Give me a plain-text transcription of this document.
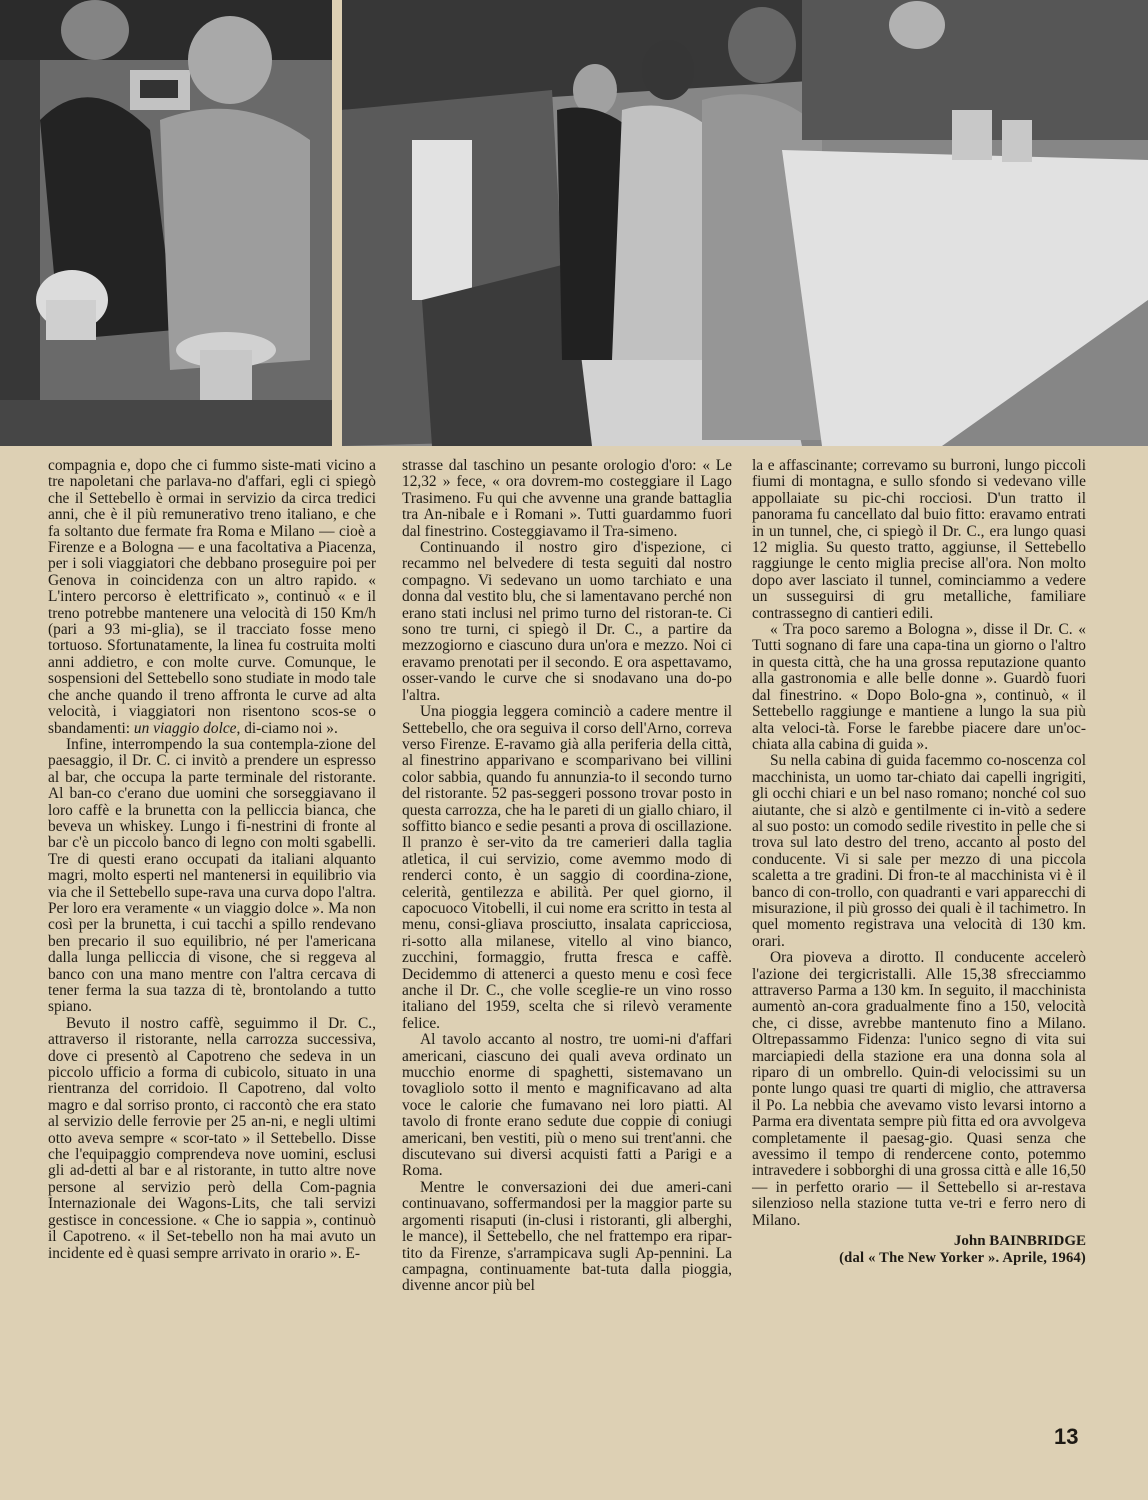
compagnia e, dopo che ci fummo siste-mati vicino a tre napoletani che parlava-no d'affari, egli ci spiegò che il Settebello è ormai in servizio da circa tredici anni, che è il più remunerativo treno italiano, e che fa soltanto due fermate fra Roma e Milano — cioè a Firenze e a Bologna — e una facoltativa a Piacenza, per i soli viaggiatori che debbano proseguire poi per Genova in coincidenza con un altro rapido. « L'intero percorso è elettrificato », continuò « e il treno potrebbe mantenere una velocità di 150 Km/h (pari a 93 mi-glia), se il tracciato fosse meno tortuoso. Sfortunatamente, la linea fu costruita molti anni addietro, e con molte curve. Comunque, le sospensioni del Settebello sono studiate in modo tale che anche quando il treno affronta le curve ad alta velocità, i viaggiatori non risentono scos-se o sbandamenti: un viaggio dolce, di-ciamo noi ».

Infine, interrompendo la sua contempla-zione del paesaggio, il Dr. C. ci invitò a prendere un espresso al bar, che occupa la parte terminale del ristorante. Al ban-co c'erano due uomini che sorseggiavano il loro caffè e la brunetta con la pelliccia bianca, che beveva un whiskey. Lungo i fi-nestrini di fronte al bar c'è un piccolo banco di legno con molti sgabelli. Tre di questi erano occupati da italiani alquanto magri, molto esperti nel mantenersi in equilibrio via via che il Settebello supe-rava una curva dopo l'altra. Per loro era veramente « un viaggio dolce ». Ma non così per la brunetta, i cui tacchi a spillo rendevano ben precario il suo equilibrio, né per l'americana dalla lunga pelliccia di visone, che si reggeva al banco con una mano mentre con l'altra cercava di tener ferma la sua tazza di tè, brontolando a tutto spiano.

Bevuto il nostro caffè, seguimmo il Dr. C., attraverso il ristorante, nella carrozza successiva, dove ci presentò al Capotreno che sedeva in un piccolo ufficio a forma di cubicolo, situato in una rientranza del corridoio. Il Capotreno, dal volto magro e dal sorriso pronto, ci raccontò che era stato al servizio delle ferrovie per 25 an-ni, e negli ultimi otto aveva sempre « scor-tato » il Settebello. Disse che l'equipaggio comprendeva nove uomini, esclusi gli ad-detti al bar e al ristorante, in tutto altre nove persone al servizio però della Com-pagnia Internazionale dei Wagons-Lits, che tali servizi gestisce in concessione. « Che io sappia », continuò il Capotreno. « il Set-tebello non ha mai avuto un incidente ed è quasi sempre arrivato in orario ». E-

strasse dal taschino un pesante orologio d'oro: « Le 12,32 » fece, « ora dovrem-mo costeggiare il Lago Trasimeno. Fu qui che avvenne una grande battaglia tra An-nibale e i Romani ». Tutti guardammo fuori dal finestrino. Costeggiavamo il Tra-simeno.

Continuando il nostro giro d'ispezione, ci recammo nel belvedere di testa seguiti dal nostro compagno. Vi sedevano un uomo tarchiato e una donna dal vestito blu, che si lamentavano perché non erano stati inclusi nel primo turno del ristoran-te. Ci sono tre turni, ci spiegò il Dr. C., a partire da mezzogiorno e ciascuno dura un'ora e mezzo. Noi ci eravamo prenotati per il secondo. E ora aspettavamo, osser-vando le curve che si snodavano una do-po l'altra.

Una pioggia leggera cominciò a cadere mentre il Settebello, che ora seguiva il corso dell'Arno, correva verso Firenze. E-ravamo già alla periferia della città, al finestrino apparivano e scomparivano bei villini color sabbia, quando fu annunzia-to il secondo turno del ristorante. 52 pas-seggeri possono trovar posto in questa carrozza, che ha le pareti di un giallo chiaro, il soffitto bianco e sedie pesanti a prova di oscillazione. Il pranzo è ser-vito da tre camerieri dalla taglia atletica, il cui servizio, come avemmo modo di renderci conto, è un saggio di coordina-zione, celerità, gentilezza e abilità. Per quel giorno, il capocuoco Vitobelli, il cui nome era scritto in testa al menu, consi-gliava prosciutto, insalata capricciosa, ri-sotto alla milanese, vitello al vino bianco, zucchini, formaggio, frutta fresca e caffè. Decidemmo di attenerci a questo menu e così fece anche il Dr. C., che volle sceglie-re un vino rosso italiano del 1959, scelta che si rilevò veramente felice.

Al tavolo accanto al nostro, tre uomi-ni d'affari americani, ciascuno dei quali aveva ordinato un mucchio enorme di spaghetti, sistemavano un tovagliolo sotto il mento e magnificavano ad alta voce le calorie che fumavano nei loro piatti. Al tavolo di fronte erano sedute due coppie di coniugi americani, ben vestiti, più o meno sui trent'anni. che discutevano sui diversi acquisti fatti a Parigi e a Roma.

Mentre le conversazioni dei due ameri-cani continuavano, soffermandosi per la maggior parte su argomenti risaputi (in-clusi i ristoranti, gli alberghi, le mance), il Settebello, che nel frattempo era ripar-tito da Firenze, s'arrampicava sugli Ap-pennini. La campagna, continuamente bat-tuta dalla pioggia, divenne ancor più bel

la e affascinante; correvamo su burroni, lungo piccoli fiumi di montagna, e sullo sfondo si vedevano ville appollaiate su pic-chi rocciosi. D'un tratto il panorama fu cancellato dal buio fitto: eravamo entrati in un tunnel, che, ci spiegò il Dr. C., era lungo quasi 12 miglia. Su questo tratto, aggiunse, il Settebello raggiunge le cento miglia precise all'ora. Non molto dopo aver lasciato il tunnel, cominciammo a vedere un susseguirsi di gru metalliche, familiare contrassegno di cantieri edili.

« Tra poco saremo a Bologna », disse il Dr. C. « Tutti sognano di fare una capa-tina un giorno o l'altro in questa città, che ha una grossa reputazione quanto alla gastronomia e alle belle donne ». Guardò fuori dal finestrino. « Dopo Bolo-gna », continuò, « il Settebello raggiunge e mantiene a lungo la sua più alta veloci-tà. Forse le farebbe piacere dare un'oc-chiata alla cabina di guida ».

Su nella cabina di guida facemmo co-noscenza col macchinista, un uomo tar-chiato dai capelli ingrigiti, gli occhi chiari e un bel naso romano; nonché col suo aiutante, che si alzò e gentilmente ci in-vitò a sedere al suo posto: un comodo sedile rivestito in pelle che si trova sul lato destro del treno, accanto al posto del conducente. Vi si sale per mezzo di una piccola scaletta a tre gradini. Di fron-te al macchinista vi è il banco di con-trollo, con quadranti e vari apparecchi di misurazione, il più grosso dei quali è il tachimetro. In quel momento registrava una velocità di 130 km. orari.

Ora pioveva a dirotto. Il conducente accelerò l'azione dei tergicristalli. Alle 15,38 sfrecciammo attraverso Parma a 130 km. In seguito, il macchinista aumentò an-cora gradualmente fino a 150, velocità che, ci disse, avrebbe mantenuto fino a Milano. Oltrepassammo Fidenza: l'unico segno di vita sui marciapiedi della stazione era una donna sola al riparo di un ombrello. Quin-di velocissimi su un ponte lungo quasi tre quarti di miglio, che attraversa il Po. La nebbia che avevamo visto levarsi intorno a Parma era diventata sempre più fitta ed ora avvolgeva completamente il paesag-gio. Quasi senza che avessimo il tempo di rendercene conto, potemmo intravedere i sobborghi di una grossa città e alle 16,50 — in perfetto orario — il Settebello si ar-restava silenzioso nella stazione tutta ve-tri e ferro nero di Milano.

John BAINBRIDGE
(dal « The New Yorker ». Aprile, 1964)
13
